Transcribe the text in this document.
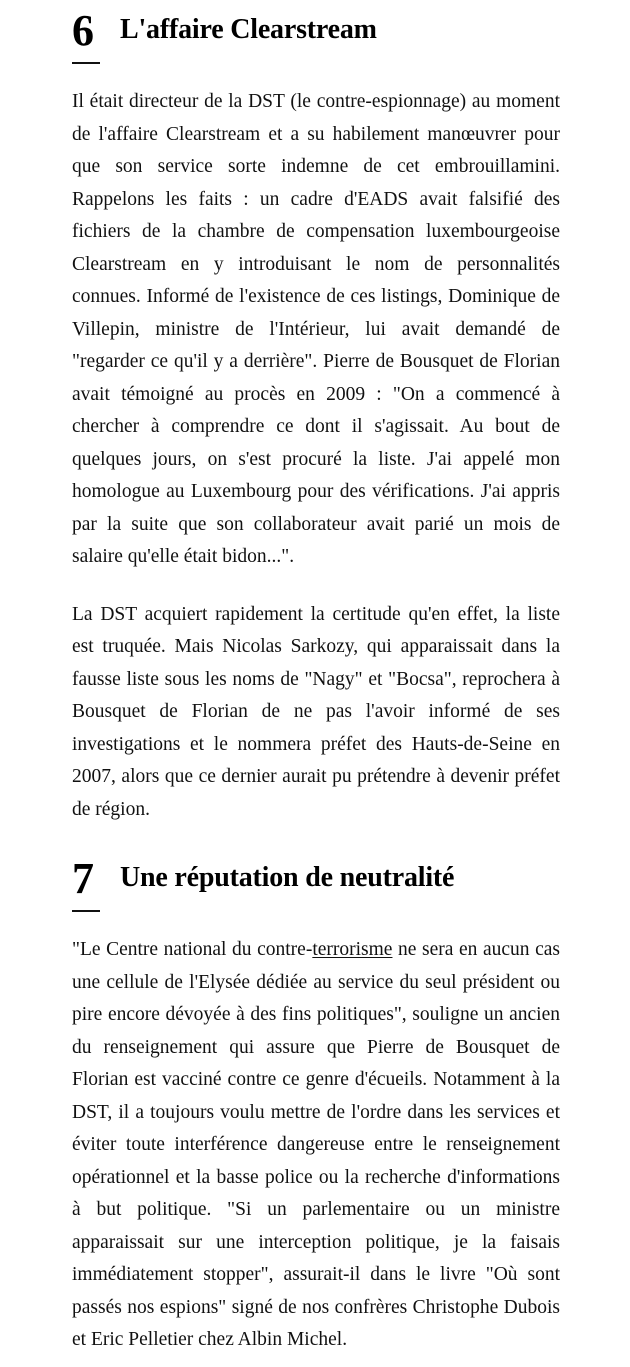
6 L'affaire Clearstream

Il était directeur de la DST (le contre-espionnage) au moment de l'affaire Clearstream et a su habilement manœuvrer pour que son service sorte indemne de cet embrouillamini. Rappelons les faits : un cadre d'EADS avait falsifié des fichiers de la chambre de compensation luxembourgeoise Clearstream en y introduisant le nom de personnalités connues. Informé de l'existence de ces listings, Dominique de Villepin, ministre de l'Intérieur, lui avait demandé de "regarder ce qu'il y a derrière". Pierre de Bousquet de Florian avait témoigné au procès en 2009 : "On a commencé à chercher à comprendre ce dont il s'agissait. Au bout de quelques jours, on s'est procuré la liste. J'ai appelé mon homologue au Luxembourg pour des vérifications. J'ai appris par la suite que son collaborateur avait parié un mois de salaire qu'elle était bidon...".

La DST acquiert rapidement la certitude qu'en effet, la liste est truquée. Mais Nicolas Sarkozy, qui apparaissait dans la fausse liste sous les noms de "Nagy" et "Bocsa", reprochera à Bousquet de Florian de ne pas l'avoir informé de ses investigations et le nommera préfet des Hauts-de-Seine en 2007, alors que ce dernier aurait pu prétendre à devenir préfet de région.

7 Une réputation de neutralité

"Le Centre national du contre-terrorisme ne sera en aucun cas une cellule de l'Elysée dédiée au service du seul président ou pire encore dévoyée à des fins politiques", souligne un ancien du renseignement qui assure que Pierre de Bousquet de Florian est vacciné contre ce genre d'écueils. Notamment à la DST, il a toujours voulu mettre de l'ordre dans les services et éviter toute interférence dangereuse entre le renseignement opérationnel et la basse police ou la recherche d'informations à but politique. "Si un parlementaire ou un ministre apparaissait sur une interception politique, je la faisais immédiatement stopper", assurait-il dans le livre "Où sont passés nos espions" signé de nos confrères Christophe Dubois et Eric Pelletier chez Albin Michel.
